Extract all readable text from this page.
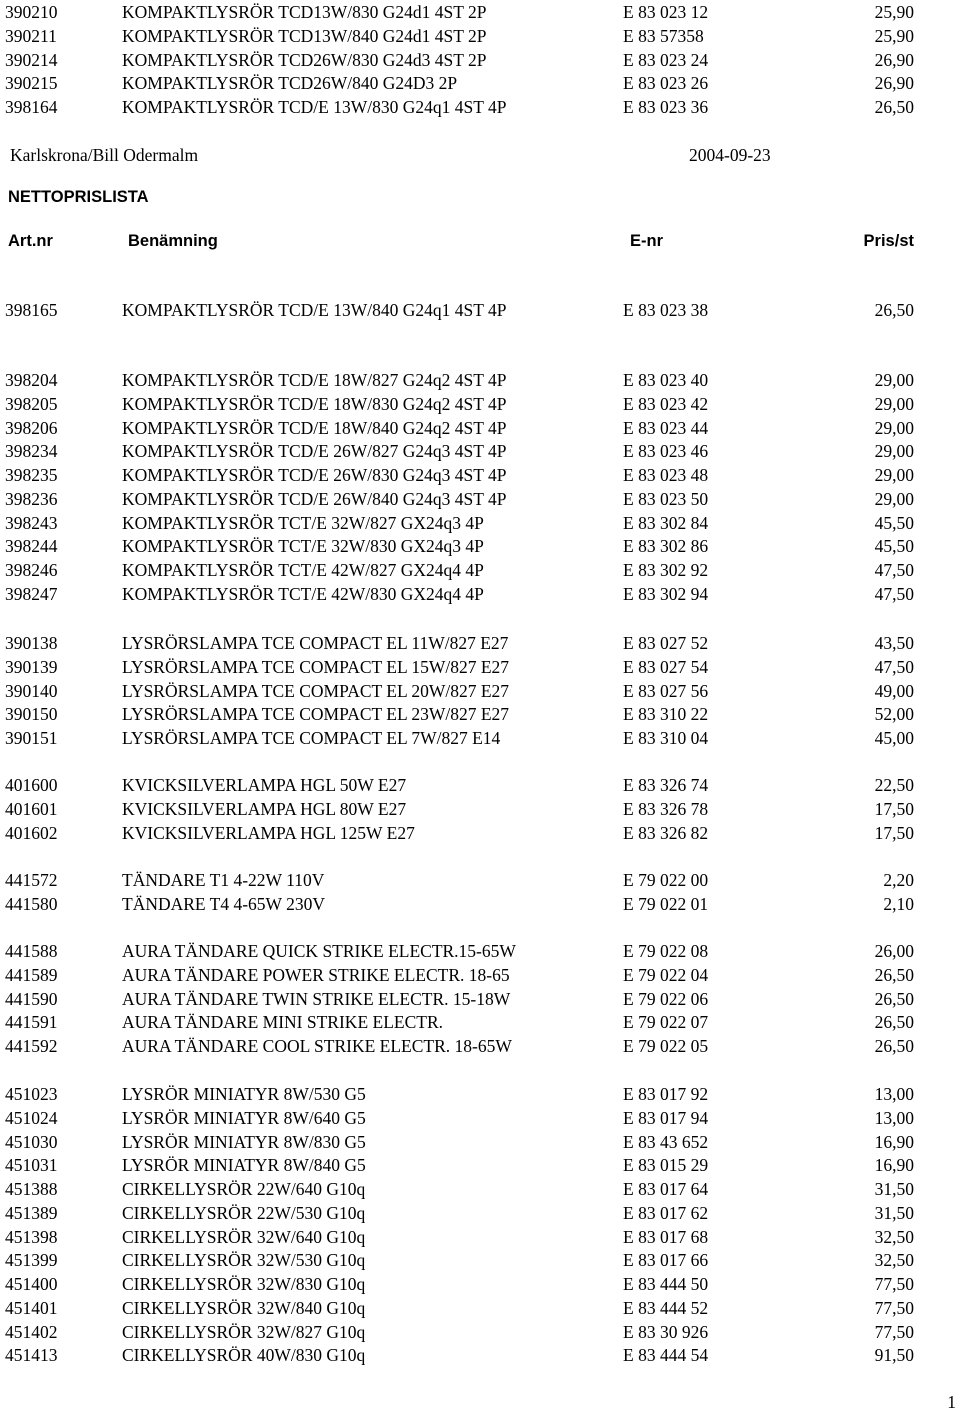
390210	KOMPAKTLYSRÖR TCD13W/830 G24d1 4ST 2P	E 83 023 12	25,90
390211	KOMPAKTLYSRÖR TCD13W/840 G24d1 4ST 2P	E 83 57358	25,90
390214	KOMPAKTLYSRÖR TCD26W/830 G24d3 4ST 2P	E 83 023 24	26,90
390215	KOMPAKTLYSRÖR TCD26W/840 G24D3 2P	E 83 023 26	26,90
398164	KOMPAKTLYSRÖR TCD/E 13W/830 G24q1 4ST 4P	E 83 023 36	26,50
Karlskrona/Bill Odermalm	2004-09-23
NETTOPRISLISTA
Art.nr	Benämning	E-nr	Pris/st
398165	KOMPAKTLYSRÖR TCD/E 13W/840 G24q1 4ST 4P	E 83 023 38	26,50
398204	KOMPAKTLYSRÖR TCD/E 18W/827 G24q2 4ST 4P	E 83 023 40	29,00
398205	KOMPAKTLYSRÖR TCD/E 18W/830 G24q2 4ST 4P	E 83 023 42	29,00
398206	KOMPAKTLYSRÖR TCD/E 18W/840 G24q2 4ST 4P	E 83 023 44	29,00
398234	KOMPAKTLYSRÖR TCD/E 26W/827 G24q3 4ST 4P	E 83 023 46	29,00
398235	KOMPAKTLYSRÖR TCD/E 26W/830 G24q3 4ST 4P	E 83 023 48	29,00
398236	KOMPAKTLYSRÖR TCD/E 26W/840 G24q3 4ST 4P	E 83 023 50	29,00
398243	KOMPAKTLYSRÖR TCT/E 32W/827 GX24q3 4P	E 83 302 84	45,50
398244	KOMPAKTLYSRÖR TCT/E 32W/830 GX24q3 4P	E 83 302 86	45,50
398246	KOMPAKTLYSRÖR TCT/E 42W/827 GX24q4 4P	E 83 302 92	47,50
398247	KOMPAKTLYSRÖR TCT/E 42W/830 GX24q4 4P	E 83 302 94	47,50
390138	LYSRÖRSLAMPA TCE COMPACT EL 11W/827 E27	E 83 027 52	43,50
390139	LYSRÖRSLAMPA TCE COMPACT EL 15W/827 E27	E 83 027 54	47,50
390140	LYSRÖRSLAMPA TCE COMPACT EL 20W/827 E27	E 83 027 56	49,00
390150	LYSRÖRSLAMPA TCE COMPACT EL 23W/827 E27	E 83 310 22	52,00
390151	LYSRÖRSLAMPA TCE COMPACT EL 7W/827 E14	E 83 310 04	45,00
401600	KVICKSILVERLAMPA HGL 50W E27	E 83 326 74	22,50
401601	KVICKSILVERLAMPA HGL 80W E27	E 83 326 78	17,50
401602	KVICKSILVERLAMPA HGL 125W E27	E 83 326 82	17,50
441572	TÄNDARE T1 4-22W 110V	E 79 022 00	2,20
441580	TÄNDARE T4 4-65W 230V	E 79 022 01	2,10
441588	AURA TÄNDARE QUICK STRIKE ELECTR.15-65W	E 79 022 08	26,00
441589	AURA TÄNDARE POWER STRIKE ELECTR. 18-65	E 79 022 04	26,50
441590	AURA TÄNDARE TWIN STRIKE ELECTR. 15-18W	E 79 022 06	26,50
441591	AURA TÄNDARE MINI STRIKE ELECTR.	E 79 022 07	26,50
441592	AURA TÄNDARE COOL STRIKE ELECTR. 18-65W	E 79 022 05	26,50
451023	LYSRÖR MINIATYR 8W/530 G5	E 83 017 92	13,00
451024	LYSRÖR MINIATYR 8W/640 G5	E 83 017 94	13,00
451030	LYSRÖR MINIATYR 8W/830 G5	E 83 43 652	16,90
451031	LYSRÖR MINIATYR 8W/840 G5	E 83 015 29	16,90
451388	CIRKELLYSRÖR 22W/640 G10q	E 83 017 64	31,50
451389	CIRKELLYSRÖR 22W/530 G10q	E 83 017 62	31,50
451398	CIRKELLYSRÖR 32W/640 G10q	E 83 017 68	32,50
451399	CIRKELLYSRÖR 32W/530 G10q	E 83 017 66	32,50
451400	CIRKELLYSRÖR 32W/830 G10q	E 83 444 50	77,50
451401	CIRKELLYSRÖR 32W/840 G10q	E 83 444 52	77,50
451402	CIRKELLYSRÖR 32W/827 G10q	E 83 30 926	77,50
451413	CIRKELLYSRÖR 40W/830 G10q	E 83 444 54	91,50
1
